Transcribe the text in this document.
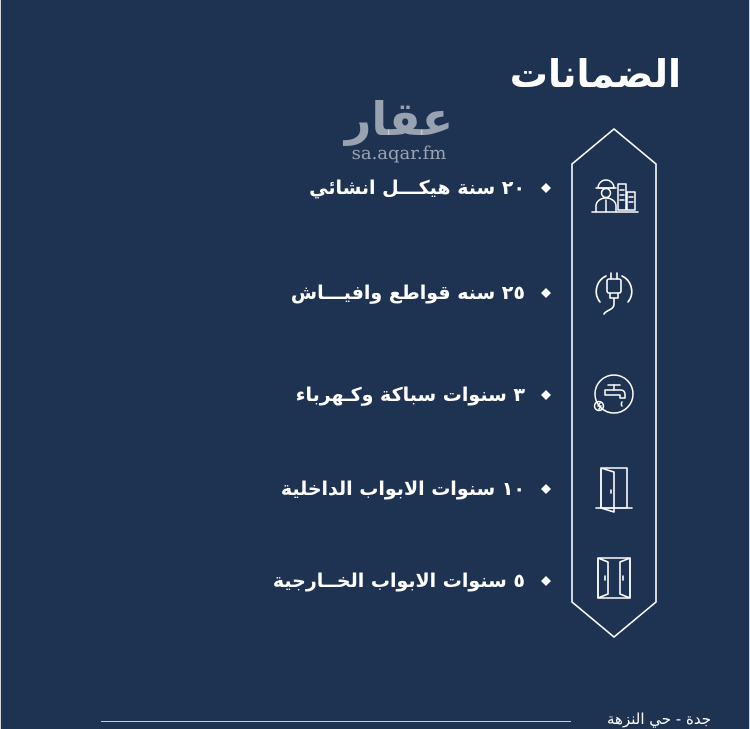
الضمانات
عقار
sa.aqar.fm
٢٠ سنة هيكـــل انشائي
٢٥ سنه قواطع وافيـــاش
٣ سنوات سباكة وكـهرباء
١٠ سنوات الابواب الداخلية
٥ سنوات الابواب الخــارجية
جدة - حي النزهة
